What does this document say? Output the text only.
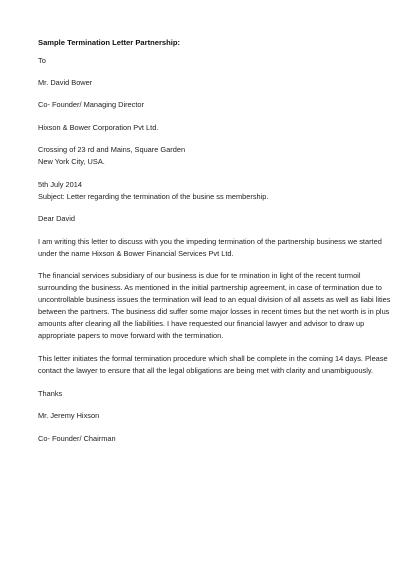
Sample Termination Letter Partnership:
To
Mr. David Bower
Co- Founder/ Managing Director
Hixson & Bower Corporation Pvt Ltd.
Crossing of 23 rd and Mains, Square Garden
New York City, USA.
5th July 2014
Subject: Letter regarding the termination of the busine ss membership.
Dear David
I am writing this letter to discuss with you the impeding termination of the partnership business we started
under the name Hixson & Bower Financial Services Pvt Ltd.
The financial services subsidiary of our business is due for te rmination in light of the recent turmoil
surrounding the business. As mentioned in the initial partnership agreement, in case of termination due to
uncontrollable business issues the termination will lead to an equal division of all assets as well as liabi lities
between the partners. The business did suffer some major losses in recent times but the net worth is in plus
amounts after clearing all the liabilities. I have requested our financial lawyer and advisor to draw up
appropriate papers to move forward with the termination.
This letter initiates the formal termination procedure which shall be complete in the coming 14 days. Please
contact the lawyer to ensure that all the legal obligations are being met with clarity and unambiguously.
Thanks
Mr. Jeremy Hixson
Co- Founder/ Chairman
